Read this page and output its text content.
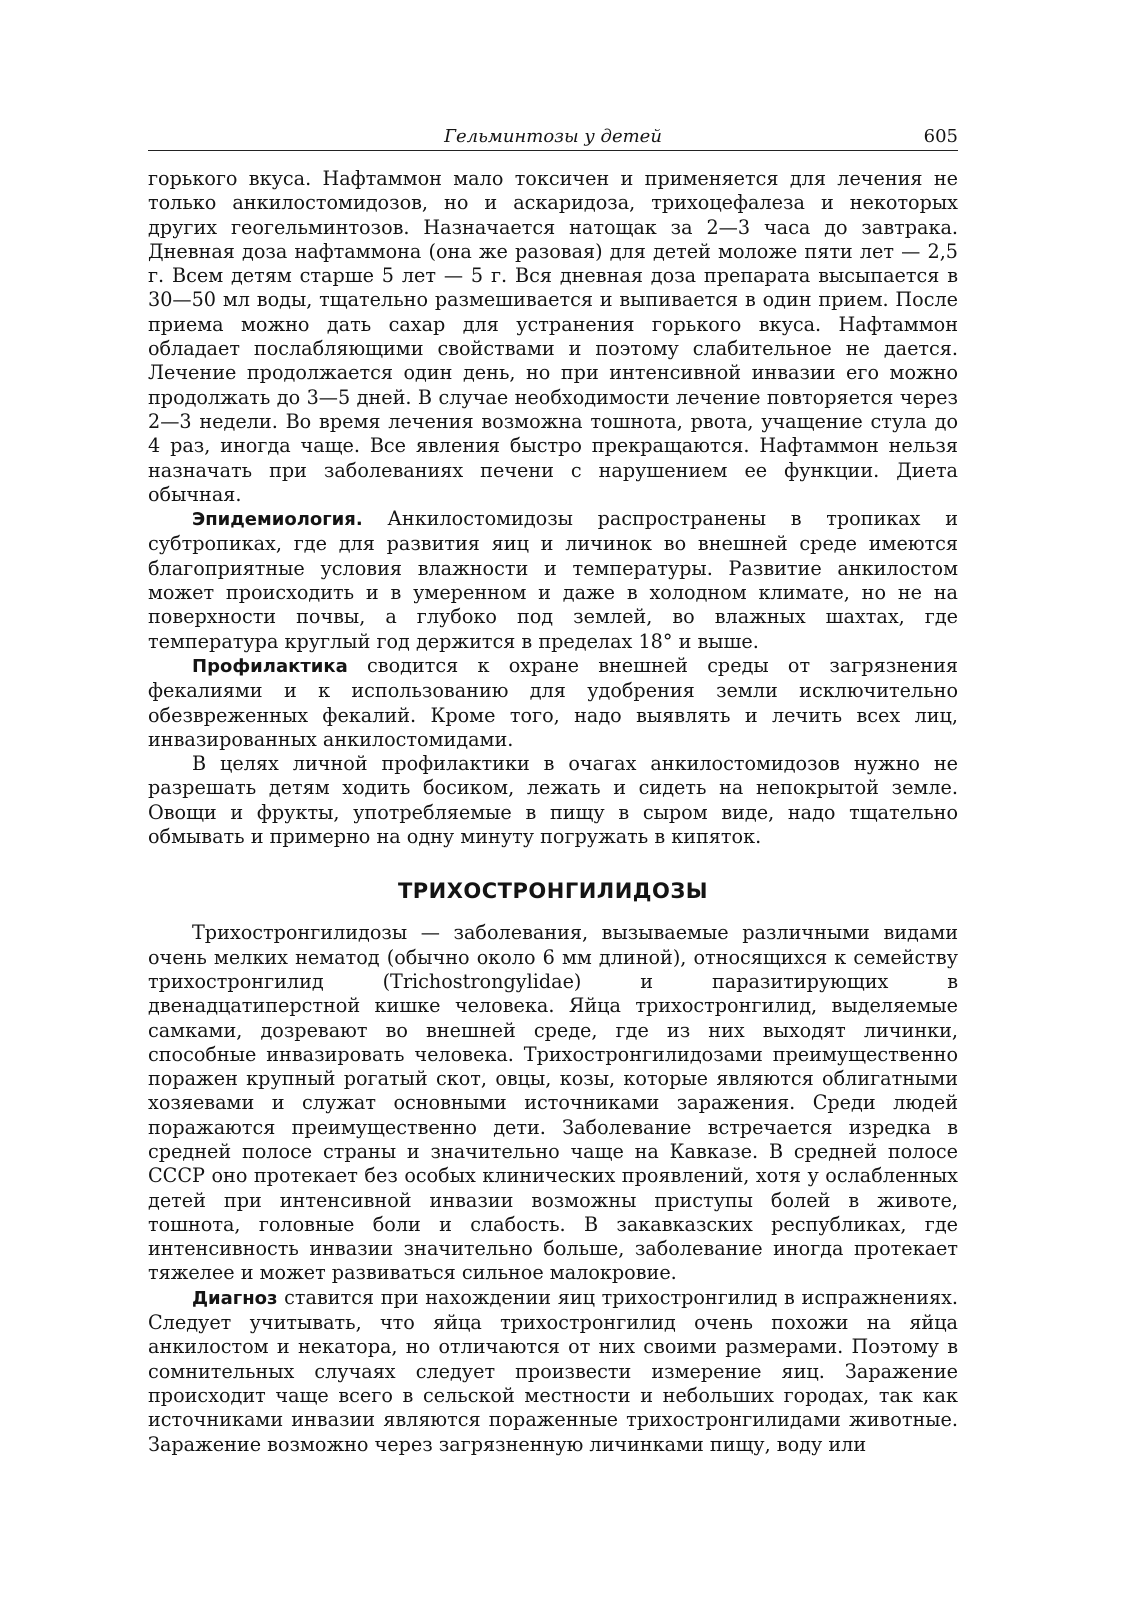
Гельминтозы у детей	605

горького вкуса. Нафтаммон мало токсичен и применяется для лечения не только анкилостомидозов, но и аскаридоза, трихоцефалеза и некоторых других геогельминтозов. Назначается натощак за 2—3 часа до завтрака. Дневная доза нафтаммона (она же разовая) для детей моложе пяти лет — 2,5 г. Всем детям старше 5 лет — 5 г. Вся дневная доза препарата высыпается в 30—50 мл воды, тщательно размешивается и выпивается в один прием. После приема можно дать сахар для устранения горького вкуса. Нафтаммон обладает послабляющими свойствами и поэтому слабительное не дается. Лечение продолжается один день, но при интенсивной инвазии его можно продолжать до 3—5 дней. В случае необходимости лечение повторяется через 2—3 недели. Во время лечения возможна тошнота, рвота, учащение стула до 4 раз, иногда чаще. Все явления быстро прекращаются. Нафтаммон нельзя назначать при заболеваниях печени с нарушением ее функции. Диета обычная.

Эпидемиология. Анкилостомидозы распространены в тропиках и субтропиках, где для развития яиц и личинок во внешней среде имеются благоприятные условия влажности и температуры. Развитие анкилостом может происходить и в умеренном и даже в холодном климате, но не на поверхности почвы, а глубоко под землей, во влажных шахтах, где температура круглый год держится в пределах 18° и выше.

Профилактика сводится к охране внешней среды от загрязнения фекалиями и к использованию для удобрения земли исключительно обезвреженных фекалий. Кроме того, надо выявлять и лечить всех лиц, инвазированных анкилостомидами.

В целях личной профилактики в очагах анкилостомидозов нужно не разрешать детям ходить босиком, лежать и сидеть на непокрытой земле. Овощи и фрукты, употребляемые в пищу в сыром виде, надо тщательно обмывать и примерно на одну минуту погружать в кипяток.

ТРИХОСТРОНГИЛИДОЗЫ

Трихостронгилидозы — заболевания, вызываемые различными видами очень мелких нематод (обычно около 6 мм длиной), относящихся к семейству трихостронгилид (Trichostrongylidae) и паразитирующих в двенадцатиперстной кишке человека. Яйца трихостронгилид, выделяемые самками, дозревают во внешней среде, где из них выходят личинки, способные инвазировать человека. Трихостронгилидозами преимущественно поражен крупный рогатый скот, овцы, козы, которые являются облигатными хозяевами и служат основными источниками заражения. Среди людей поражаются преимущественно дети. Заболевание встречается изредка в средней полосе страны и значительно чаще на Кавказе. В средней полосе СССР оно протекает без особых клинических проявлений, хотя у ослабленных детей при интенсивной инвазии возможны приступы болей в животе, тошнота, головные боли и слабость. В закавказских республиках, где интенсивность инвазии значительно больше, заболевание иногда протекает тяжелее и может развиваться сильное малокровие.

Диагноз ставится при нахождении яиц трихостронгилид в испражнениях. Следует учитывать, что яйца трихостронгилид очень похожи на яйца анкилостом и некатора, но отличаются от них своими размерами. Поэтому в сомнительных случаях следует произвести измерение яиц. Заражение происходит чаще всего в сельской местности и небольших городах, так как источниками инвазии являются пораженные трихостронгилидами животные. Заражение возможно через загрязненную личинками пищу, воду или
